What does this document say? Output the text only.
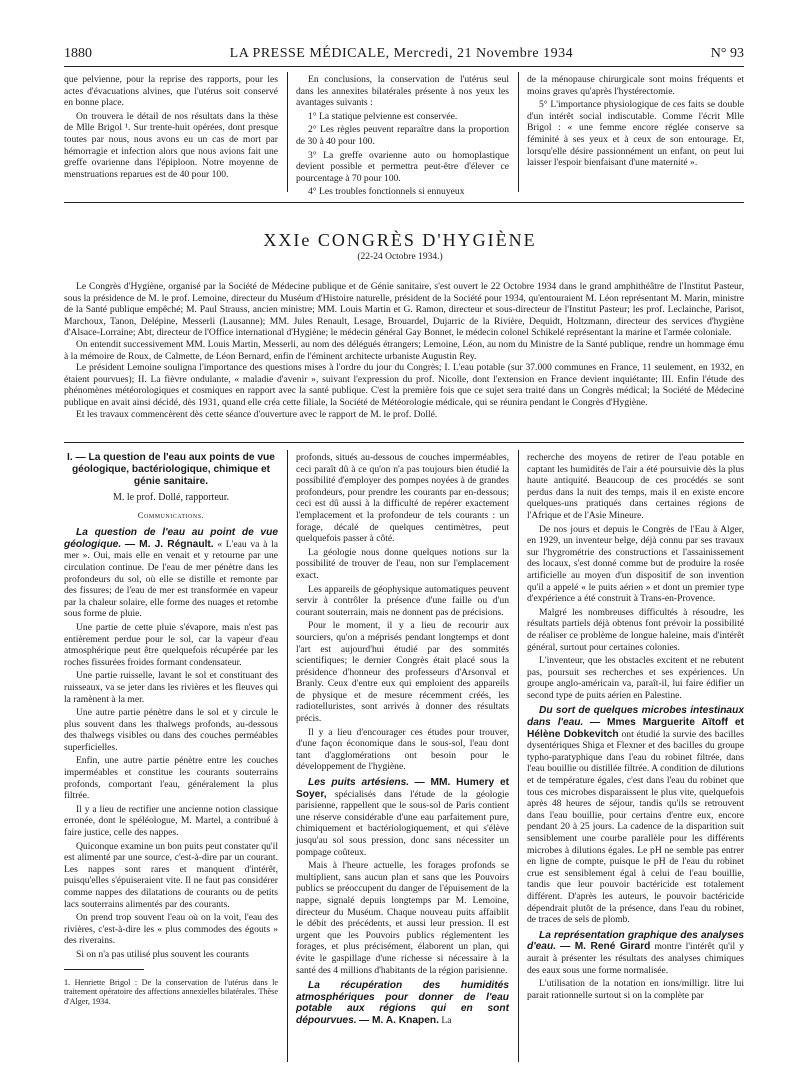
1880	LA PRESSE MÉDICALE, Mercredi, 21 Novembre 1934	N° 93

que pelvienne, pour la reprise des rapports, pour les actes d'évacuations alvines, que l'utérus soit conservé en bonne place.

On trouvera le détail de nos résultats dans la thèse de Mlle Brigol ¹. Sur trente-huit opérées, dont presque toutes par nous, nous avons eu un cas de mort par hémorragie et infection alors que nous avions fait une greffe ovarienne dans l'épiploon. Notre moyenne de menstruations reparues est de 40 pour 100.

En conclusions, la conservation de l'utérus seul dans les annexites bilatérales présente à nos yeux les avantages suivants :

1° La statique pelvienne est conservée.

2° Les règles peuvent reparaître dans la proportion de 30 à 40 pour 100.

3° La greffe ovarienne auto ou homoplastique devient possible et permettra peut-être d'élever ce pourcentage à 70 pour 100.

4° Les troubles fonctionnels si ennuyeux

de la ménopause chirurgicale sont moins fréquents et moins graves qu'après l'hystérectomie.

5° L'importance physiologique de ces faits se double d'un intérêt social indiscutable. Comme l'écrit Mlle Brigol : « une femme encore réglée conserve sa féminité à ses yeux et à ceux de son entourage. Et, lorsqu'elle désire passionnément un enfant, on peut lui laisser l'espoir bienfaisant d'une maternité ».

XXIe CONGRÈS D'HYGIÈNE
(22-24 Octobre 1934.)

Le Congrès d'Hygiène, organisé par la Société de Médecine publique et de Génie sanitaire, s'est ouvert le 22 Octobre 1934 dans le grand amphithéâtre de l'Institut Pasteur, sous la présidence de M. le prof. Lemoine, directeur du Muséum d'Histoire naturelle, président de la Société pour 1934, qu'entouraient M. Léon représentant M. Marin, ministre de la Santé publique empêché; M. Paul Strauss, ancien ministre; MM. Louis Martin et G. Ramon, directeur et sous-directeur de l'Institut Pasteur; les prof. Leclainche, Parisot, Marchoux, Tanon, Delépine, Messerli (Lausanne); MM. Jules Renault, Lesage, Brouardel, Dujarric de la Rivière, Dequidt, Holtzmann, directeur des services d'hygiène d'Alsace-Lorraine; Abt, directeur de l'Office international d'Hygiène; le médecin général Gay Bonnet, le médecin colonel Schikelé représentant la marine et l'armée coloniale.

On entendit successivement MM. Louis Martin, Messerli, au nom des délégués étrangers; Lemoine, Léon, au nom du Ministre de la Santé publique, rendre un hommage ému à la mémoire de Roux, de Calmette, de Léon Bernard, enfin de l'éminent architecte urbaniste Augustin Rey.

Le président Lemoine souligna l'importance des questions mises à l'ordre du jour du Congrès; I. L'eau potable (sur 37.000 communes en France, 11 seulement, en 1932, en étaient pourvues); II. La fièvre ondulante, « maladie d'avenir », suivant l'expression du prof. Nicolle, dont l'extension en France devient inquiétante; III. Enfin l'étude des phénomènes météorologiques et cosmiques en rapport avec la santé publique. C'est la première fois que ce sujet sera traité dans un Congrès médical; la Société de Médecine publique en avait ainsi décidé, dès 1931, quand elle créa cette filiale, la Société de Météorologie médicale, qui se réunira pendant le Congrès d'Hygiène.

Et les travaux commencèrent dès cette séance d'ouverture avec le rapport de M. le prof. Dollé.

I. — La question de l'eau aux points de vue géologique, bactériologique, chimique et génie sanitaire.
M. le prof. Dollé, rapporteur.
Communications.

La question de l'eau au point de vue géologique. — M. J. Régnault. « L'eau va à la mer ». Oui, mais elle en venait et y retourne par une circulation continue. De l'eau de mer pénètre dans les profondeurs du sol, où elle se distille et remonte par des fissures; de l'eau de mer est transformée en vapeur par la chaleur solaire, elle forme des nuages et retombe sous forme de pluie.

Une partie de cette pluie s'évapore, mais n'est pas entièrement perdue pour le sol, car la vapeur d'eau atmosphérique peut être quelquefois récupérée par les roches fissurées froides formant condensateur.

Une partie ruisselle, lavant le sol et constituant des ruisseaux, va se jeter dans les rivières et les fleuves qui la ramènent à la mer.

Une autre partie pénètre dans le sol et y circule le plus souvent dans les thalwegs profonds, au-dessous des thalwegs visibles ou dans des couches perméables superficielles.

Enfin, une autre partie pénètre entre les couches imperméables et constitue les courants souterrains profonds, comportant l'eau, généralement la plus filtrée.

Il y a lieu de rectifier une ancienne notion classique erronée, dont le spéléologue, M. Martel, a contribué à faire justice, celle des nappes.

Quiconque examine un bon puits peut constater qu'il est alimenté par une source, c'est-à-dire par un courant. Les nappes sont rares et manquent d'intérêt, puisqu'elles s'épuiseraient vite. Il ne faut pas considérer comme nappes des dilatations de courants ou de petits lacs souterrains alimentés par des courants.

On prend trop souvent l'eau où on la voit, l'eau des rivières, c'est-à-dire les « plus commodes des égouts » des riverains.

Si on n'a pas utilisé plus souvent les courants

1. Henriette Brigol : De la conservation de l'utérus dans le traitement opératoire des affections annexielles bilatérales. Thèse d'Alger, 1934.

profonds, situés au-dessous de couches imperméables, ceci paraît dû à ce qu'on n'a pas toujours bien étudié la possibilité d'employer des pompes noyées à de grandes profondeurs, pour prendre les courants par en-dessous; ceci est dû aussi à la difficulté de repérer exactement l'emplacement et la profondeur de tels courants : un forage, décalé de quelques centimètres, peut quelquefois passer à côté.

La géologie nous donne quelques notions sur la possibilité de trouver de l'eau, non sur l'emplacement exact.

Les appareils de géophysique automatiques peuvent servir à contrôler la présence d'une faille ou d'un courant souterrain, mais ne donnent pas de précisions.

Pour le moment, il y a lieu de recourir aux sourciers, qu'on a méprisés pendant longtemps et dont l'art est aujourd'hui étudié par des sommités scientifiques; le dernier Congrès était placé sous la présidence d'honneur des professeurs d'Arsonval et Branly. Ceux d'entre eux qui emploient des appareils de physique et de mesure récemment créés, les radiotelluristes, sont arrivés à donner des résultats précis.

Il y a lieu d'encourager ces études pour trouver, d'une façon économique dans le sous-sol, l'eau dont tant d'agglomérations ont besoin pour le développement de l'hygiène.

Les puits artésiens. — MM. Humery et Soyer, spécialisés dans l'étude de la géologie parisienne, rappellent que le sous-sol de Paris contient une réserve considérable d'une eau parfaitement pure, chimiquement et bactériologiquement, et qui s'élève jusqu'au sol sous pression, donc sans nécessiter un pompage coûteux.

Mais à l'heure actuelle, les forages profonds se multiplient, sans aucun plan et sans que les Pouvoirs publics se préoccupent du danger de l'épuisement de la nappe, signalé depuis longtemps par M. Lemoine, directeur du Muséum. Chaque nouveau puits affaiblit le débit des précédents, et aussi leur pression. Il est urgent que les Pouvoirs publics réglementent les forages, et plus précisément, élaborent un plan, qui évite le gaspillage d'une richesse si nécessaire à la santé des 4 millions d'habitants de la région parisienne.

La récupération des humidités atmosphériques pour donner de l'eau potable aux régions qui en sont dépourvues. — M. A. Knapen. La

recherche des moyens de retirer de l'eau potable en captant les humidités de l'air a été poursuivie dès la plus haute antiquité. Beaucoup de ces procédés se sont perdus dans la nuit des temps, mais il en existe encore quelques-uns pratiqués dans certaines régions de l'Afrique et de l'Asie Mineure.

De nos jours et depuis le Congrès de l'Eau à Alger, en 1929, un inventeur belge, déjà connu par ses travaux sur l'hygrométrie des constructions et l'assainissement des locaux, s'est donné comme but de produire la rosée artificielle au moyen d'un dispositif de son invention qu'il a appelé « le puits aérien » et dont un premier type d'expérience a été construit à Trans-en-Provence.

Malgré les nombreuses difficultés à résoudre, les résultats partiels déjà obtenus font prévoir la possibilité de réaliser ce problème de longue haleine, mais d'intérêt général, surtout pour certaines colonies.

L'inventeur, que les obstacles excitent et ne rebutent pas, poursuit ses recherches et ses expériences. Un groupe anglo-américain va, paraît-il, lui faire édifier un second type de puits aérien en Palestine.

Du sort de quelques microbes intestinaux dans l'eau. — Mmes Marguerite Aïtoff et Hélène Dobkevitch ont étudié la survie des bacilles dysentériques Shiga et Flexner et des bacilles du groupe typho-paratyphique dans l'eau du robinet filtrée, dans l'eau bouillie ou distillée filtrée. A condition de dilutions et de température égales, c'est dans l'eau du robinet que tous ces microbes disparaissent le plus vite, quelquefois après 48 heures de séjour, tandis qu'ils se retrouvent dans l'eau bouillie, pour certains d'entre eux, encore pendant 20 à 25 jours. La cadence de la disparition suit sensiblement une courbe parallèle pour les différents microbes à dilutions égales. Le pH ne semble pas entrer en ligne de compte, puisque le pH de l'eau du robinet crue est sensiblement égal à celui de l'eau bouillie, tandis que leur pouvoir bactéricide est totalement différent. D'après les auteurs, le pouvoir bactéricide dépendrait plutôt de la présence, dans l'eau du robinet, de traces de sels de plomb.

La représentation graphique des analyses d'eau. — M. René Girard montre l'intérêt qu'il y aurait à présenter les résultats des analyses chimiques des eaux sous une forme normalisée.

L'utilisation de la notation en ions/milligr. litre lui parait rationnelle surtout si on la complète par
